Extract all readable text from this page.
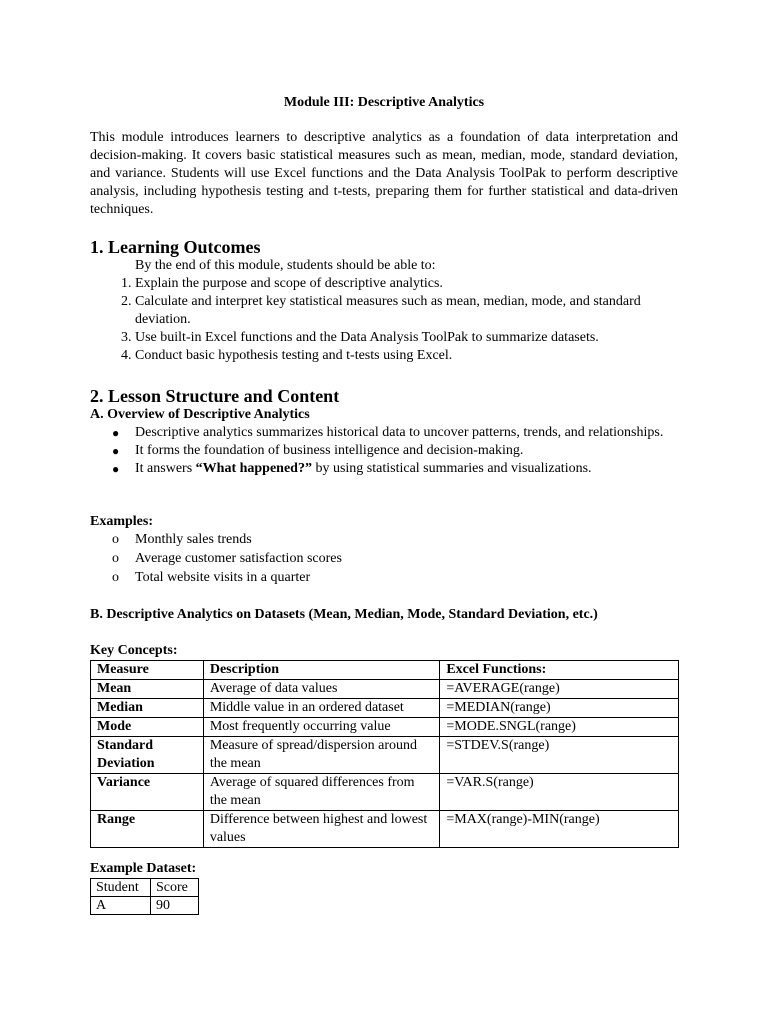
Module III: Descriptive Analytics
This module introduces learners to descriptive analytics as a foundation of data interpretation and decision-making. It covers basic statistical measures such as mean, median, mode, standard deviation, and variance. Students will use Excel functions and the Data Analysis ToolPak to perform descriptive analysis, including hypothesis testing and t-tests, preparing them for further statistical and data-driven techniques.
1. Learning Outcomes
By the end of this module, students should be able to:
1. Explain the purpose and scope of descriptive analytics.
2. Calculate and interpret key statistical measures such as mean, median, mode, and standard deviation.
3. Use built-in Excel functions and the Data Analysis ToolPak to summarize datasets.
4. Conduct basic hypothesis testing and t-tests using Excel.
2. Lesson Structure and Content
A. Overview of Descriptive Analytics
● Descriptive analytics summarizes historical data to uncover patterns, trends, and relationships.
● It forms the foundation of business intelligence and decision-making.
● It answers “What happened?” by using statistical summaries and visualizations.
Examples:
o Monthly sales trends
o Average customer satisfaction scores
o Total website visits in a quarter
B. Descriptive Analytics on Datasets (Mean, Median, Mode, Standard Deviation, etc.)
Key Concepts:
Measure	Description	Excel Functions:
Mean	Average of data values	=AVERAGE(range)
Median	Middle value in an ordered dataset	=MEDIAN(range)
Mode	Most frequently occurring value	=MODE.SNGL(range)
Standard Deviation	Measure of spread/dispersion around the mean	=STDEV.S(range)
Variance	Average of squared differences from the mean	=VAR.S(range)
Range	Difference between highest and lowest values	=MAX(range)-MIN(range)
Example Dataset:
Student	Score
A	90
